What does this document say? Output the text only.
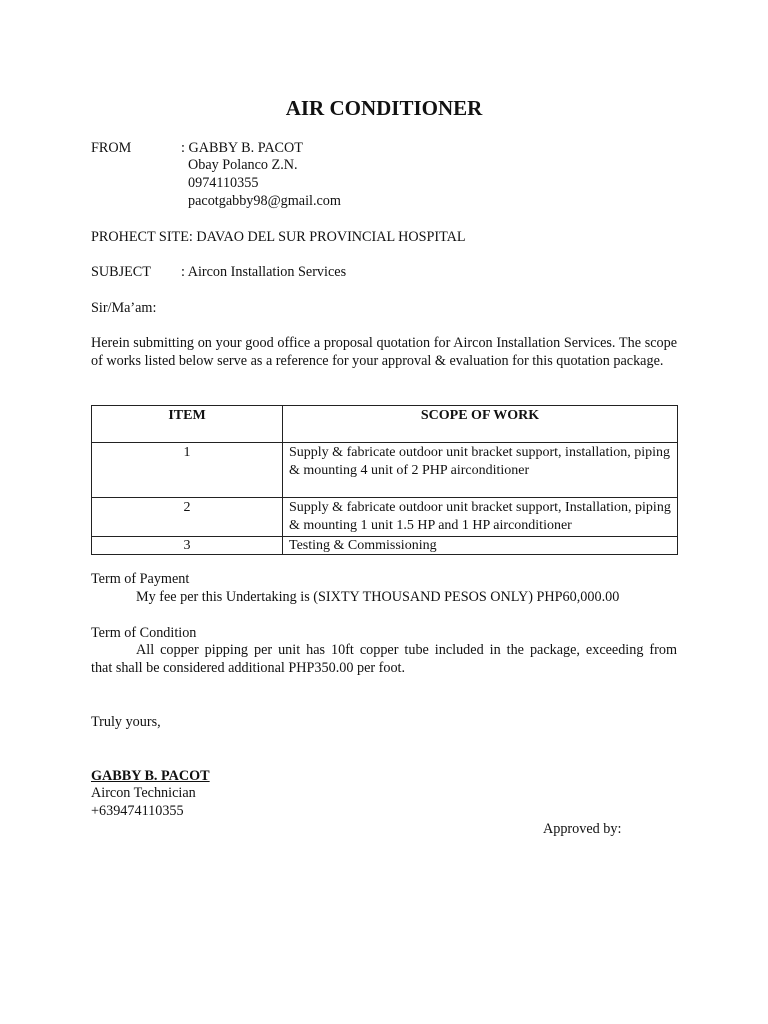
AIR CONDITIONER
FROM	: GABBY B. PACOT
Obay Polanco Z.N.
0974110355
pacotgabby98@gmail.com
PROHECT SITE: DAVAO DEL SUR PROVINCIAL HOSPITAL
SUBJECT : Aircon Installation Services
Sir/Ma’am:
Herein submitting on your good office a proposal quotation for Aircon Installation Services. The scope of works listed below serve as a reference for your approval & evaluation for this quotation package.
ITEM	SCOPE OF WORK
1	Supply & fabricate outdoor unit bracket support, installation, piping & mounting 4 unit of 2 PHP airconditioner
2	Supply & fabricate outdoor unit bracket support, Installation, piping & mounting 1 unit 1.5 HP and 1 HP airconditioner
3	Testing & Commissioning
Term of Payment
My fee per this Undertaking is (SIXTY THOUSAND PESOS ONLY) PHP60,000.00
Term of Condition
All copper pipping per unit has 10ft copper tube included in the package, exceeding from
that shall be considered additional PHP350.00 per foot.
Truly yours,
GABBY B. PACOT
Aircon Technician
+639474110355
Approved by:
